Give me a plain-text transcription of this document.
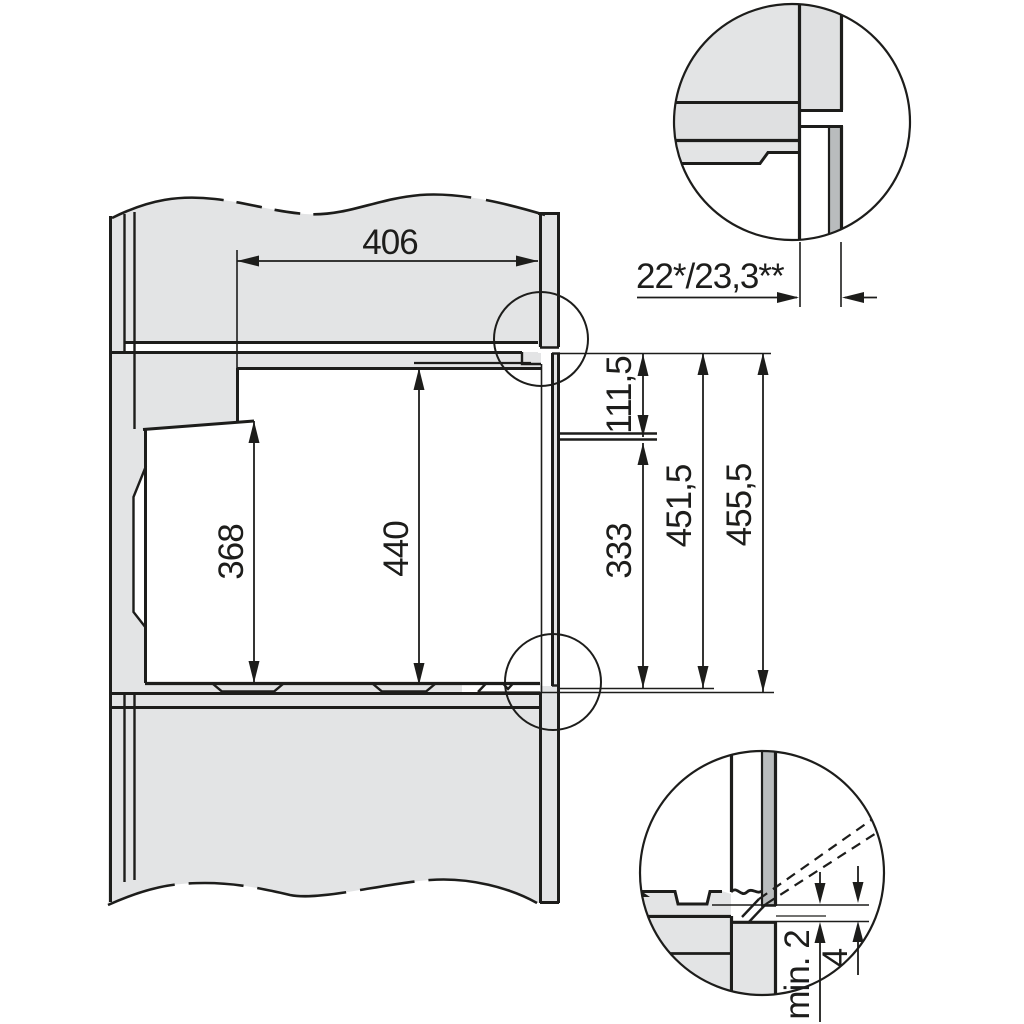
406
368	440
111,5
333
451,5 455,5
22*/23,3**
min. 2 4
